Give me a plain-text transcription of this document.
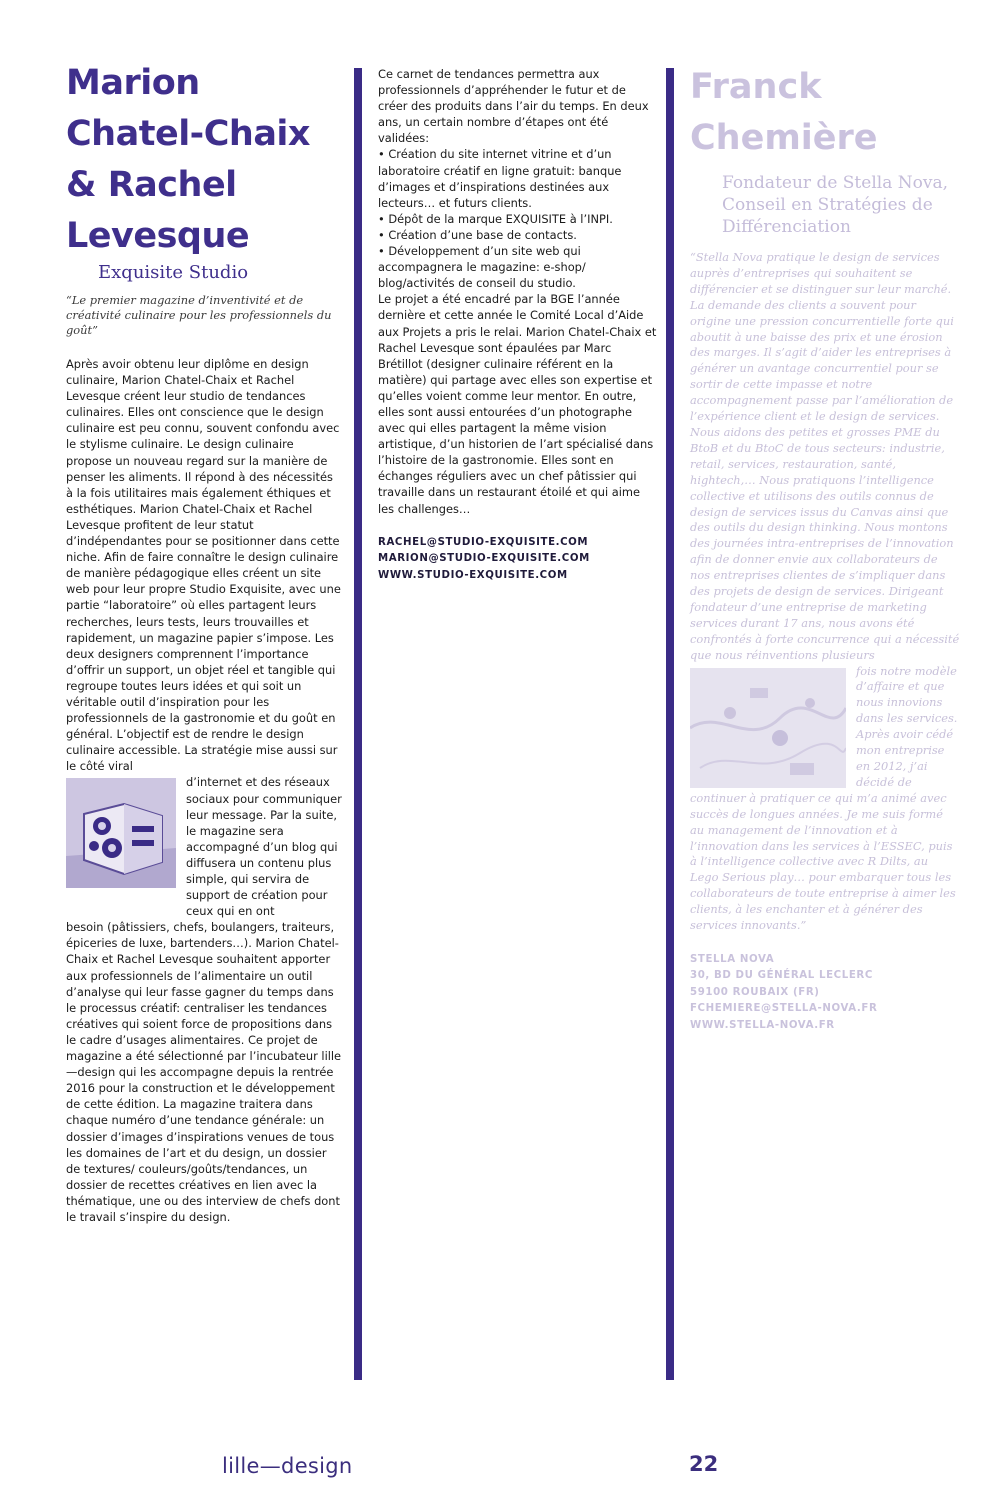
Marion
Chatel-Chaix
& Rachel
Levesque

Exquisite Studio

“Le premier magazine d’inventivité et de créativité culinaire pour les professionnels du goût”

Après avoir obtenu leur diplôme en design culinaire, Marion Chatel-Chaix et Rachel Levesque créent leur studio de tendances culinaires. Elles ont conscience que le design culinaire est peu connu, souvent confondu avec le stylisme culinaire. Le design culinaire propose un nouveau regard sur la manière de penser les aliments. Il répond à des nécessités à la fois utilitaires mais également éthiques et esthétiques. Marion Chatel-Chaix et Rachel Levesque profitent de leur statut d’indépendantes pour se positionner dans cette niche. Afin de faire connaître le design culinaire de manière pédagogique elles créent un site web pour leur propre Studio Exquisite, avec une partie “laboratoire” où elles partagent leurs recherches, leurs tests, leurs trouvailles et rapidement, un magazine papier s’impose. Les deux designers comprennent l’importance d’offrir un support, un objet réel et tangible qui regroupe toutes leurs idées et qui soit un véritable outil d’inspiration pour les professionnels de la gastronomie et du goût en général. L’objectif est de rendre le design culinaire accessible. La stratégie mise aussi sur le côté viral

d’internet et des réseaux sociaux pour communiquer leur message. Par la suite, le magazine sera accompagné d’un blog qui diffusera un contenu plus simple, qui servira de support de création pour ceux qui en ont

besoin (pâtissiers, chefs, boulangers, traiteurs, épiceries de luxe, bartenders…). Marion Chatel-Chaix et Rachel Levesque souhaitent apporter aux professionnels de l’alimentaire un outil d’analyse qui leur fasse gagner du temps dans le processus créatif: centraliser les tendances créatives qui soient force de propositions dans le cadre d’usages alimentaires. Ce projet de magazine a été sélectionné par l’incubateur lille—design qui les accompagne depuis la rentrée 2016 pour la construction et le développement de cette édition. La magazine traitera dans chaque numéro d’une tendance générale: un dossier d’images d’inspirations venues de tous les domaines de l’art et du design, un dossier de textures/ couleurs/goûts/tendances, un dossier de recettes créatives en lien avec la thématique, une ou des interview de chefs dont le travail s’inspire du design.

Ce carnet de tendances permettra aux professionnels d’appréhender le futur et de créer des produits dans l’air du temps. En deux ans, un certain nombre d’étapes ont été validées:

• Création du site internet vitrine et d’un laboratoire créatif en ligne gratuit: banque d’images et d’inspirations destinées aux lecteurs… et futurs clients.

• Dépôt de la marque EXQUISITE à l’INPI.

• Création d’une base de contacts.

• Développement d’un site web qui accompagnera le magazine: e-shop/ blog/activités de conseil du studio.

Le projet a été encadré par la BGE l’année dernière et cette année le Comité Local d’Aide aux Projets a pris le relai. Marion Chatel-Chaix et Rachel Levesque sont épaulées par Marc Brétillot (designer culinaire référent en la matière) qui partage avec elles son expertise et qu’elles voient comme leur mentor. En outre, elles sont aussi entourées d’un photographe avec qui elles partagent la même vision artistique, d’un historien de l’art spécialisé dans l’histoire de la gastronomie. Elles sont en échanges réguliers avec un chef pâtissier qui travaille dans un restaurant étoilé et qui aime les challenges…

RACHEL@STUDIO-EXQUISITE.COM
MARION@STUDIO-EXQUISITE.COM
WWW.STUDIO-EXQUISITE.COM
Franck
Chemière

Fondateur de Stella Nova, Conseil en Stratégies de Différenciation

“Stella Nova pratique le design de services auprès d’entreprises qui souhaitent se différencier et se distinguer sur leur marché. La demande des clients a souvent pour origine une pression concurrentielle forte qui aboutit à une baisse des prix et une érosion des marges. Il s’agit d’aider les entreprises à générer un avantage concurrentiel pour se sortir de cette impasse et notre accompagnement passe par l’amélioration de l’expérience client et le design de services. Nous aidons des petites et grosses PME du BtoB et du BtoC de tous secteurs: industrie, retail, services, restauration, santé, hightech,… Nous pratiquons l’intelligence collective et utilisons des outils connus de design de services issus du Canvas ainsi que des outils du design thinking. Nous montons des journées intra-entreprises de l’innovation afin de donner envie aux collaborateurs de nos entreprises clientes de s’impliquer dans des projets de design de services. Dirigeant fondateur d’une entreprise de marketing services durant 17 ans, nous avons été confrontés à forte concurrence qui a nécessité que nous réinventions plusieurs

fois notre modèle d’affaire et que nous innovions dans les services. Après avoir cédé mon entreprise en 2012, j’ai décidé de

continuer à pratiquer ce qui m’a animé avec succès de longues années. Je me suis formé au management de l’innovation et à l’innovation dans les services à l’ESSEC, puis à l’intelligence collective avec R Dilts, au Lego Serious play… pour embarquer tous les collaborateurs de toute entreprise à aimer les clients, à les enchanter et à générer des services innovants.”

STELLA NOVA
30, BD DU GÉNÉRAL LECLERC
59100 ROUBAIX (FR)
FCHEMIERE@STELLA-NOVA.FR
WWW.STELLA-NOVA.FR
lille—design	22
